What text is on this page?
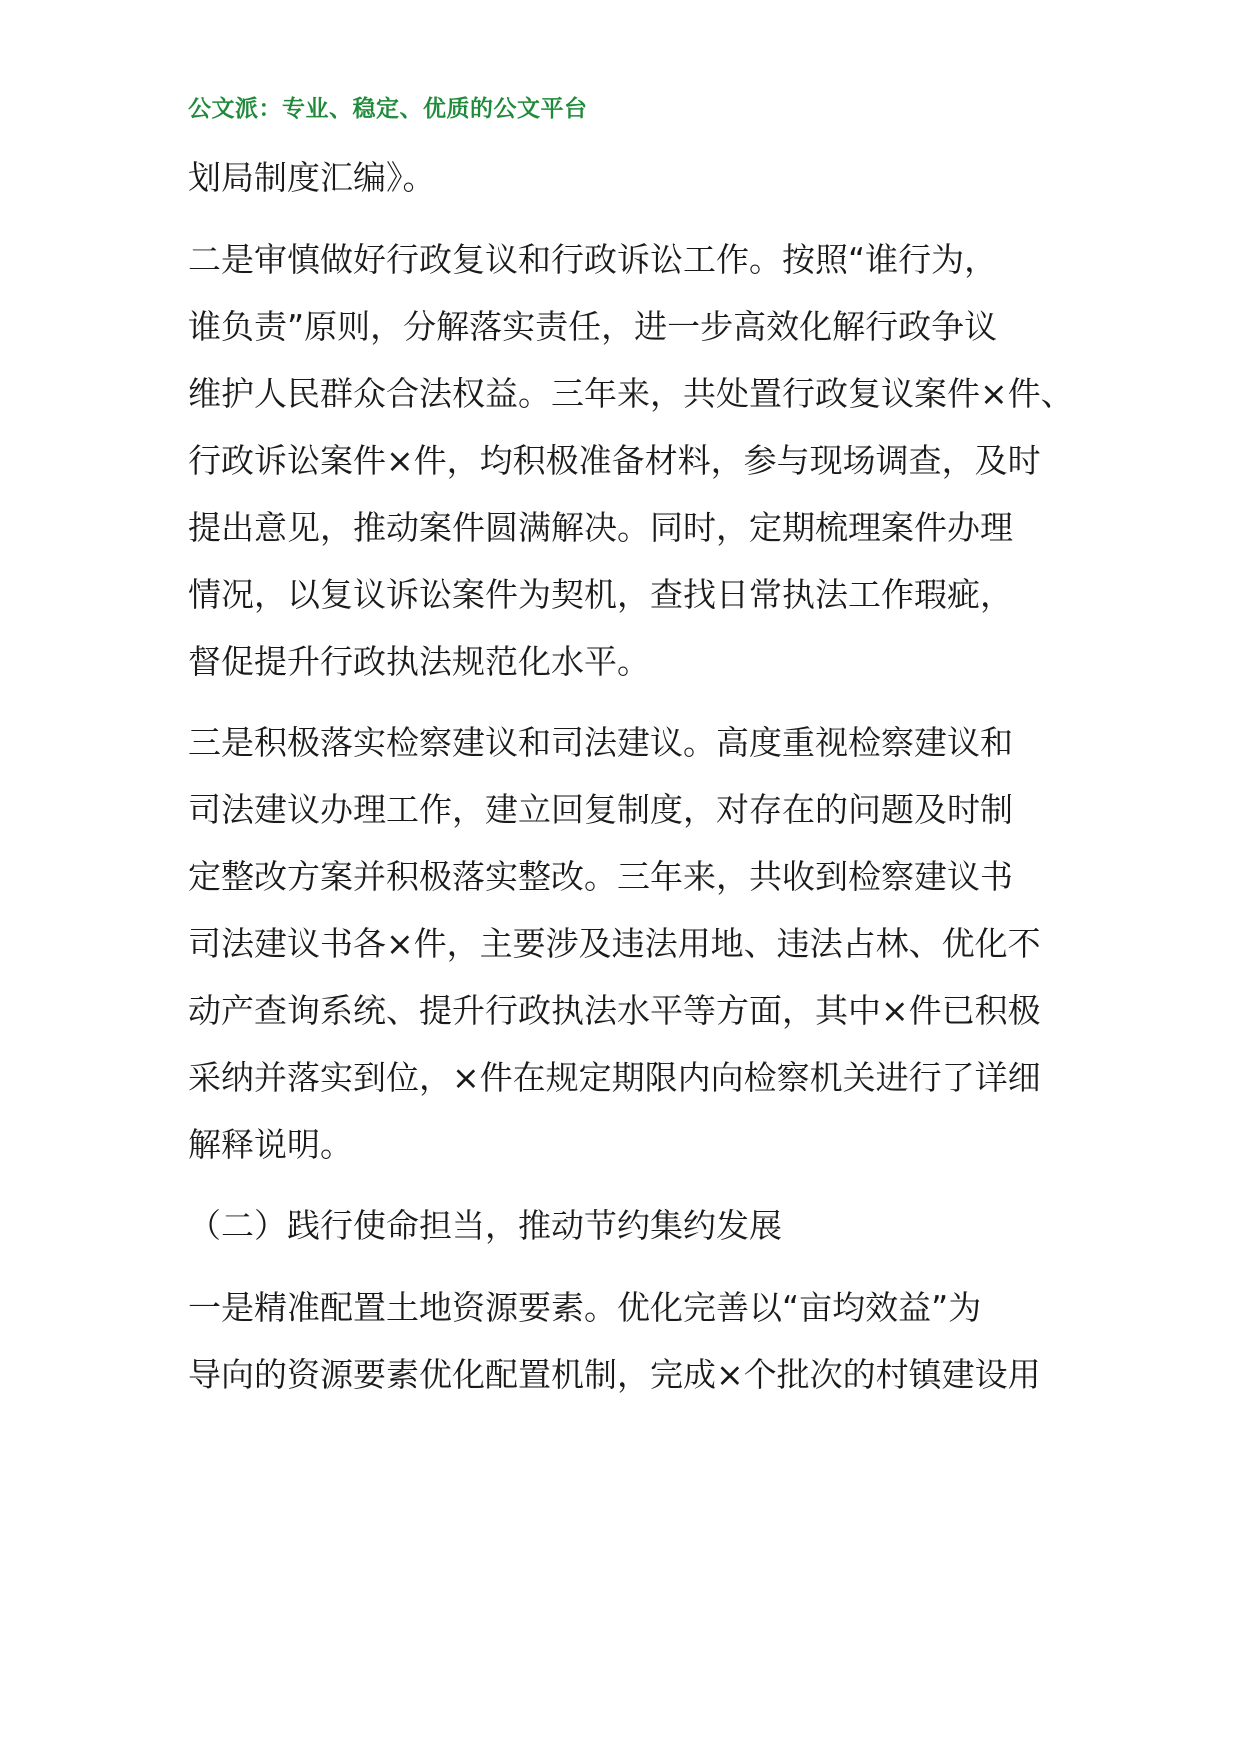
公文派：专业、稳定、优质的公文平台
划局制度汇编》。
二是审慎做好行政复议和行政诉讼工作。按照“谁行为，
谁负责”原则，分解落实责任，进一步高效化解行政争议
维护人民群众合法权益。三年来，共处置行政复议案件×件、
行政诉讼案件×件，均积极准备材料，参与现场调查，及时
提出意见，推动案件圆满解决。同时，定期梳理案件办理
情况，以复议诉讼案件为契机，查找日常执法工作瑕疵，
督促提升行政执法规范化水平。
三是积极落实检察建议和司法建议。高度重视检察建议和
司法建议办理工作，建立回复制度，对存在的问题及时制
定整改方案并积极落实整改。三年来，共收到检察建议书
司法建议书各×件，主要涉及违法用地、违法占林、优化不
动产查询系统、提升行政执法水平等方面，其中×件已积极
采纳并落实到位，×件在规定期限内向检察机关进行了详细
解释说明。
（二）践行使命担当，推动节约集约发展
一是精准配置土地资源要素。优化完善以“亩均效益”为
导向的资源要素优化配置机制，完成×个批次的村镇建设用
